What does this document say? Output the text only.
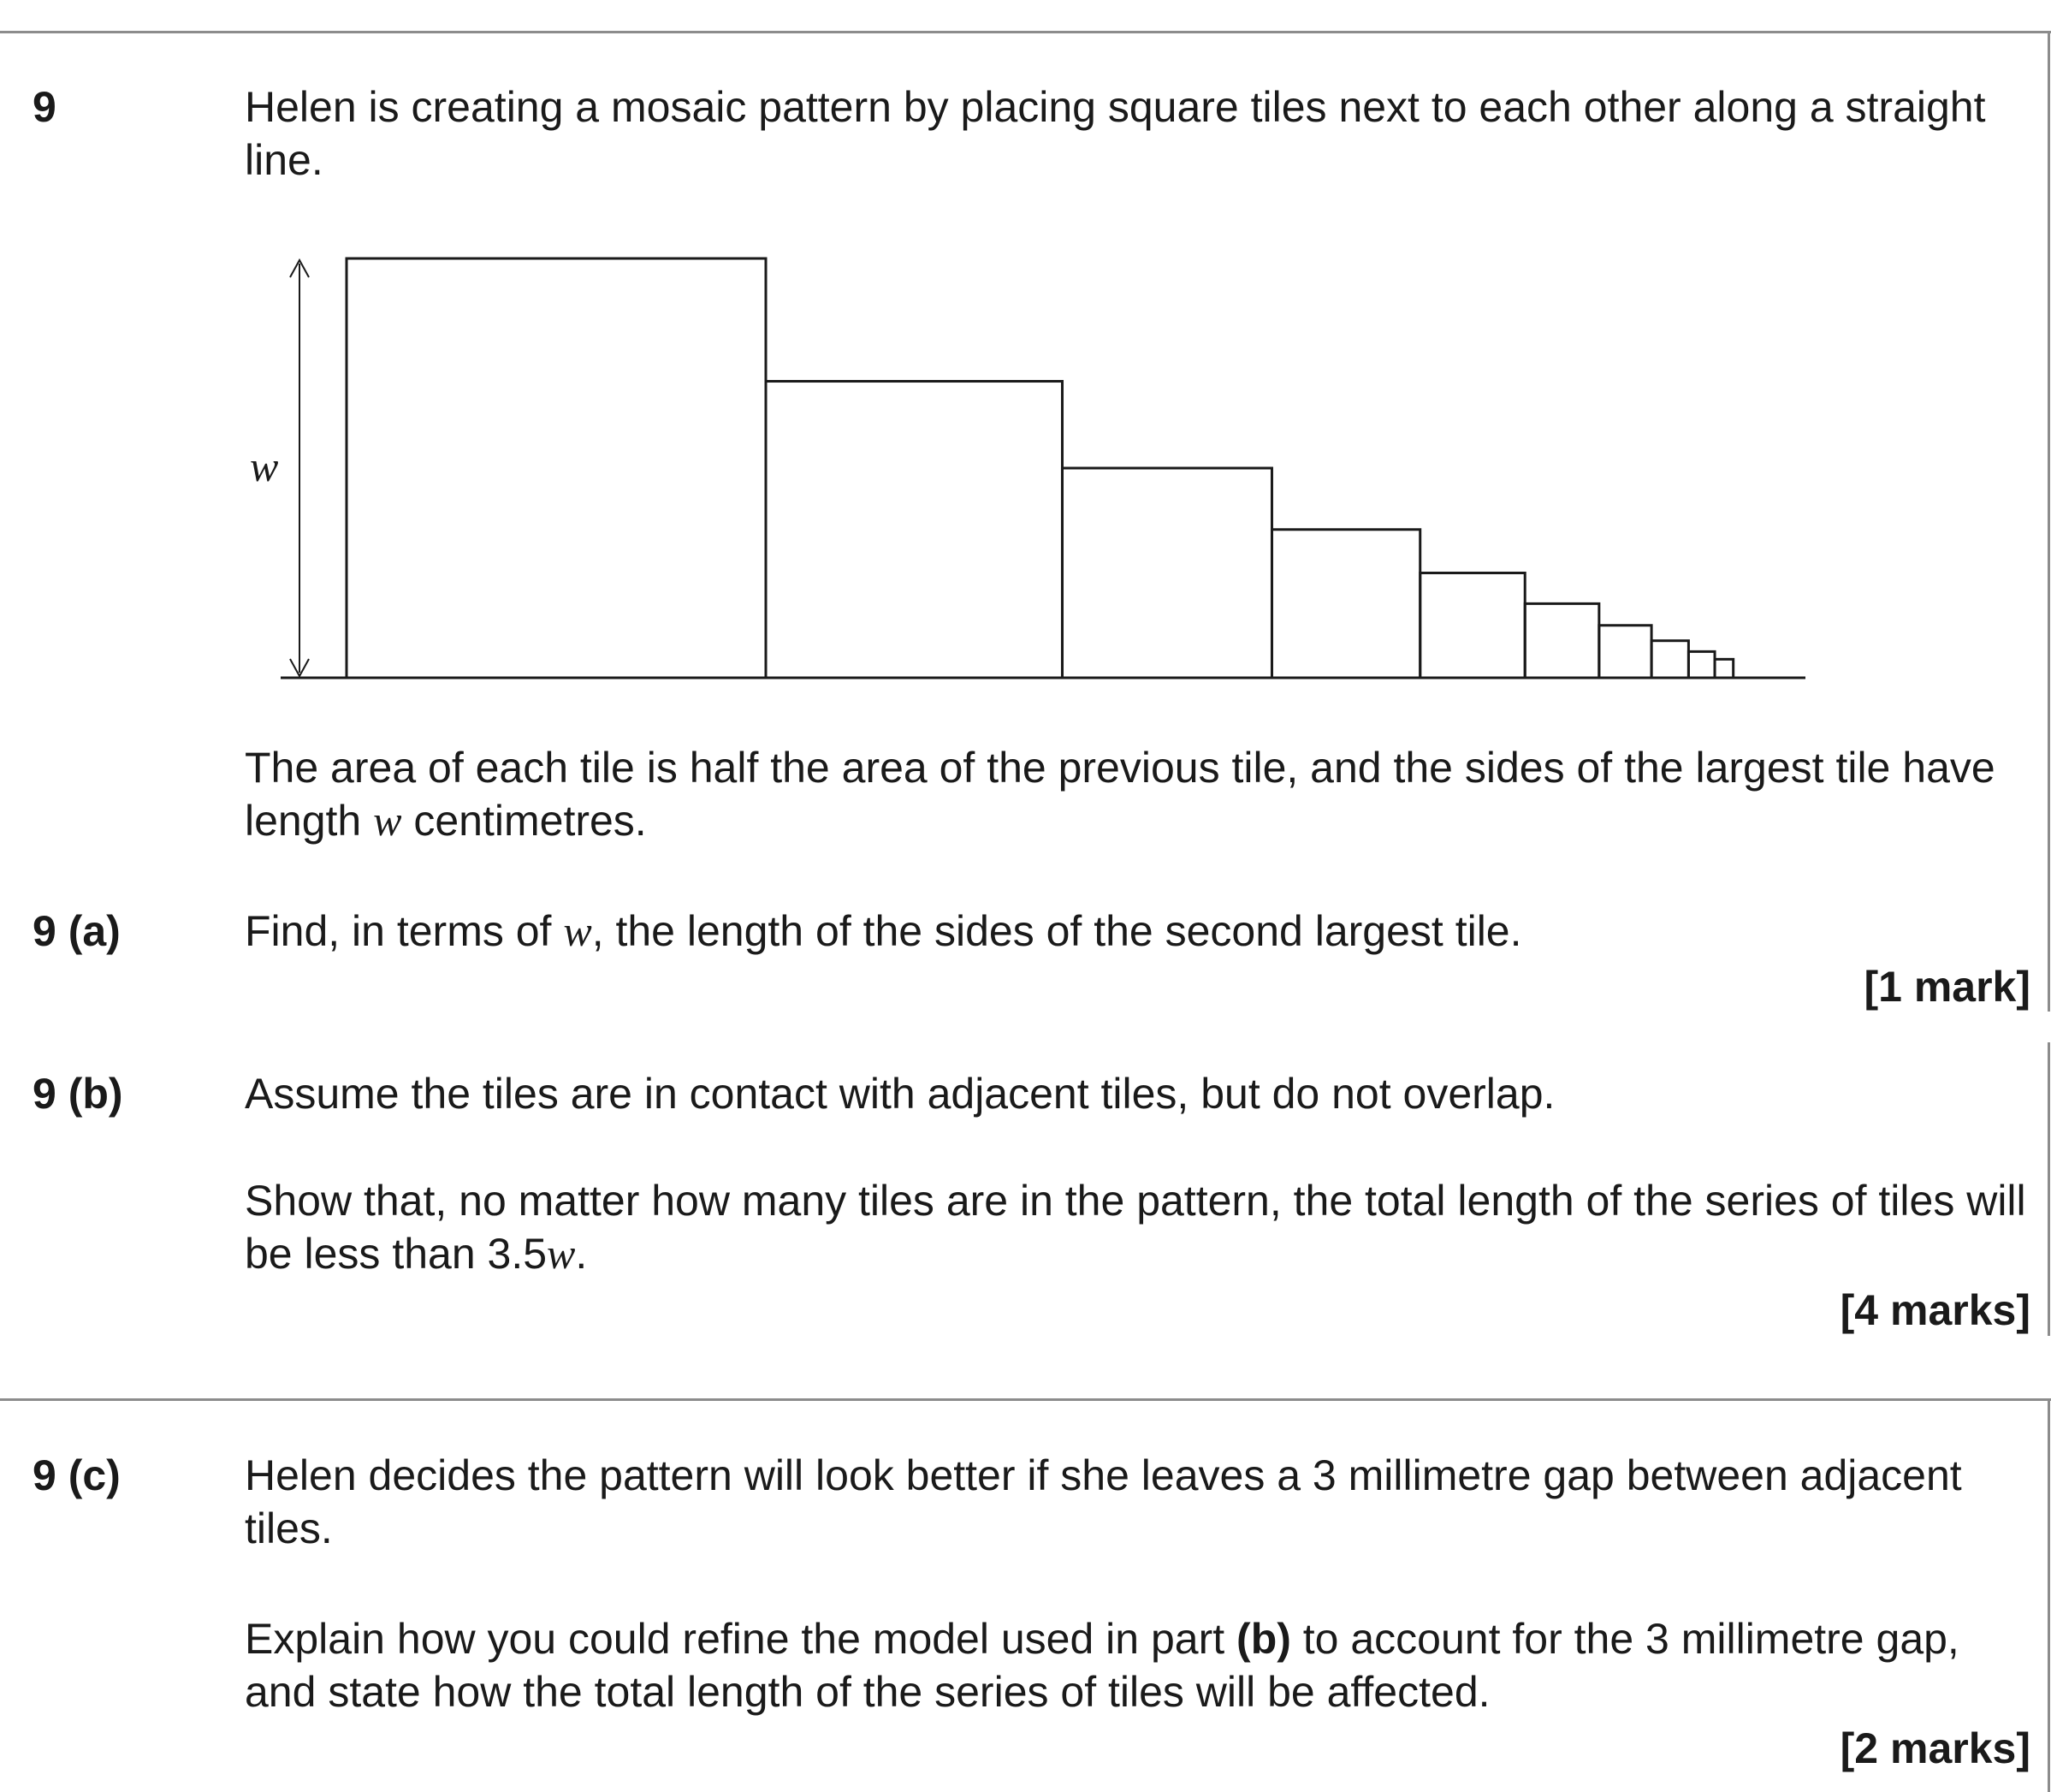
9	Helen is creating a mosaic pattern by placing square tiles next to each other along a straight line.
w
The area of each tile is half the area of the previous tile, and the sides of the largest tile have length w centimetres.
9 (a)	Find, in terms of w, the length of the sides of the second largest tile.
[1 mark]
9 (b)	Assume the tiles are in contact with adjacent tiles, but do not overlap.
Show that, no matter how many tiles are in the pattern, the total length of the series of tiles will be less than 3.5w.
[4 marks]
9 (c)	Helen decides the pattern will look better if she leaves a 3 millimetre gap between adjacent tiles.
Explain how you could refine the model used in part (b) to account for the 3 millimetre gap, and state how the total length of the series of tiles will be affected.
[2 marks]
